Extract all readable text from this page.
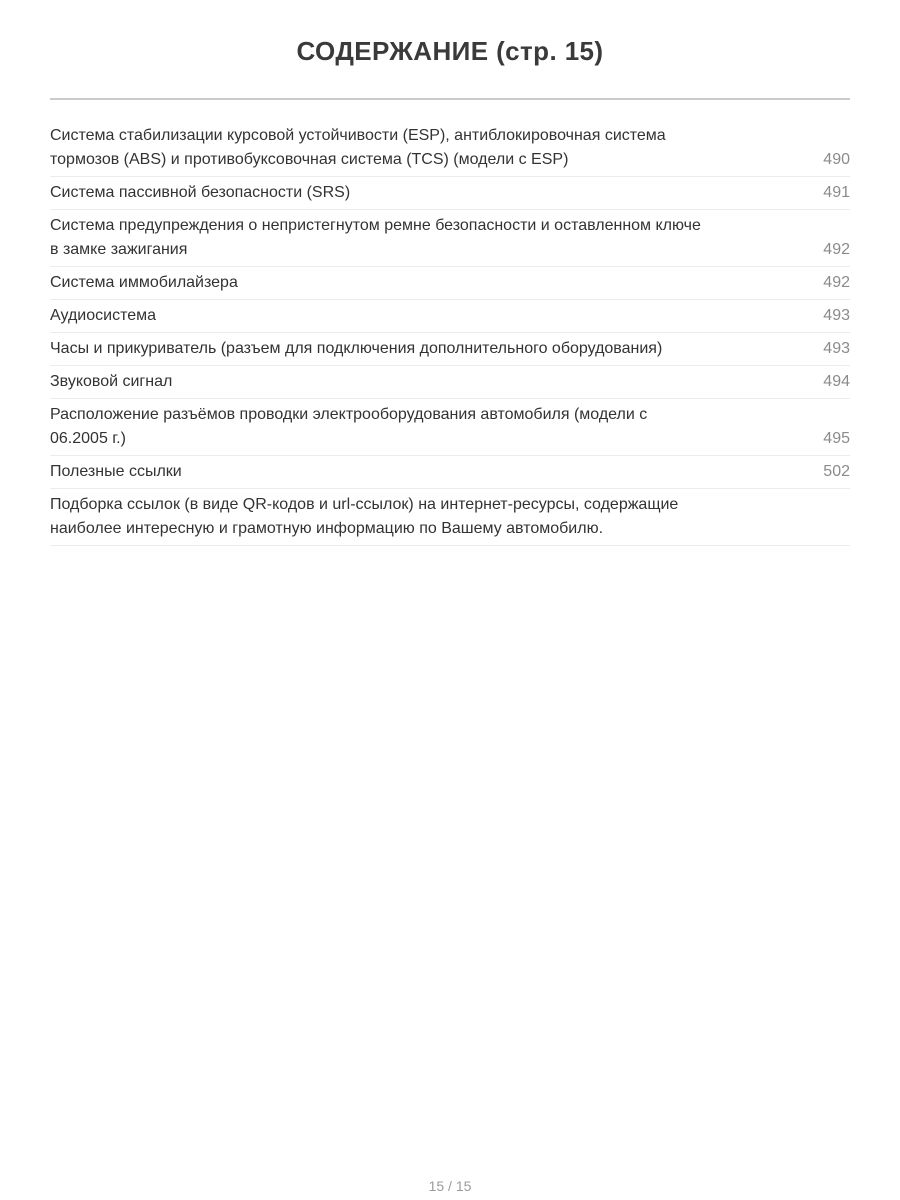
СОДЕРЖАНИЕ (стр. 15)
Система стабилизации курсовой устойчивости (ESP), антиблокировочная система
тормозов (ABS) и противобуксовочная система (TCS) (модели с ESP)	490
Система пассивной безопасности (SRS)	491
Система предупреждения о непристегнутом ремне безопасности и оставленном ключе
в замке зажигания	492
Система иммобилайзера	492
Аудиосистема	493
Часы и прикуриватель (разъем для подключения дополнительного оборудования)	493
Звуковой сигнал	494
Расположение разъёмов проводки электрооборудования автомобиля (модели с
06.2005 г.)	495
Полезные ссылки	502
Подборка ссылок (в виде QR-кодов и url-ссылок) на интернет-ресурсы, содержащие
наиболее интересную и грамотную информацию по Вашему автомобилю.
15 / 15
